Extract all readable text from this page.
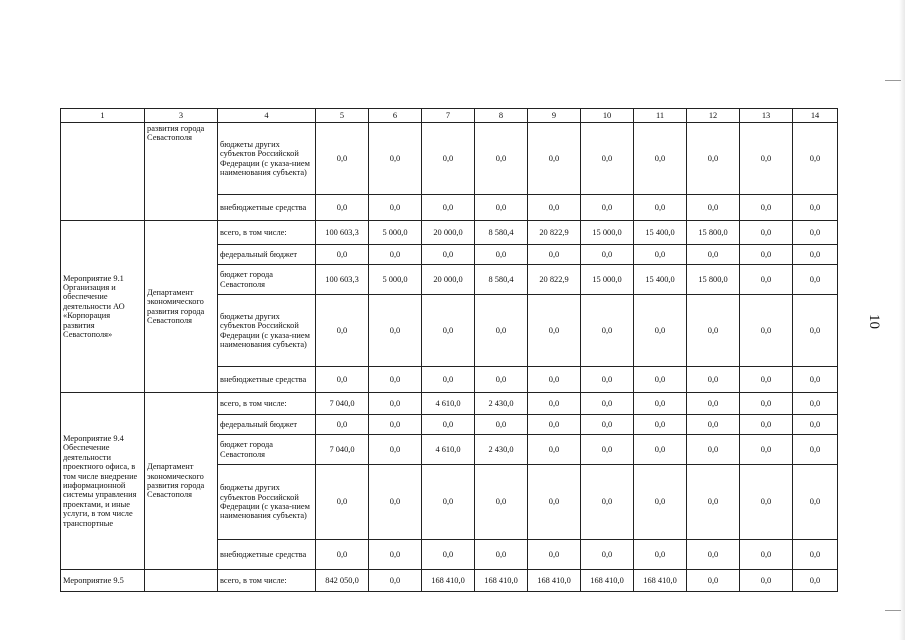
1	3	4	5	6	7	8	9	10	11	12	13	14
	развития города Севастополя	бюджеты других субъектов Российской Федерации (с указа-нием наименования субъекта)	0,0	0,0	0,0	0,0	0,0	0,0	0,0	0,0	0,0	0,0
		внебюджетные средства	0,0	0,0	0,0	0,0	0,0	0,0	0,0	0,0	0,0	0,0
Мероприятие 9.1 Организация и обеспечение деятельности АО «Корпорация развития Севастополя»	Департамент экономического развития города Севастополя	всего, в том числе:	100 603,3	5 000,0	20 000,0	8 580,4	20 822,9	15 000,0	15 400,0	15 800,0	0,0	0,0
		федеральный бюджет	0,0	0,0	0,0	0,0	0,0	0,0	0,0	0,0	0,0	0,0
		бюджет города Севастополя	100 603,3	5 000,0	20 000,0	8 580,4	20 822,9	15 000,0	15 400,0	15 800,0	0,0	0,0
		бюджеты других субъектов Российской Федерации (с указа-нием наименования субъекта)	0,0	0,0	0,0	0,0	0,0	0,0	0,0	0,0	0,0	0,0
		внебюджетные средства	0,0	0,0	0,0	0,0	0,0	0,0	0,0	0,0	0,0	0,0
Мероприятие 9.4 Обеспечение деятельности проектного офиса, в том числе внедрение информационной системы управления проектами, и иные услуги, в том числе транспортные	Департамент экономического развития города Севастополя	всего, в том числе:	7 040,0	0,0	4 610,0	2 430,0	0,0	0,0	0,0	0,0	0,0	0,0
		федеральный бюджет	0,0	0,0	0,0	0,0	0,0	0,0	0,0	0,0	0,0	0,0
		бюджет города Севастополя	7 040,0	0,0	4 610,0	2 430,0	0,0	0,0	0,0	0,0	0,0	0,0
		бюджеты других субъектов Российской Федерации (с указа-нием наименования субъекта)	0,0	0,0	0,0	0,0	0,0	0,0	0,0	0,0	0,0	0,0
		внебюджетные средства	0,0	0,0	0,0	0,0	0,0	0,0	0,0	0,0	0,0	0,0
Мероприятие 9.5		всего, в том числе:	842 050,0	0,0	168 410,0	168 410,0	168 410,0	168 410,0	168 410,0	0,0	0,0	0,0
10
